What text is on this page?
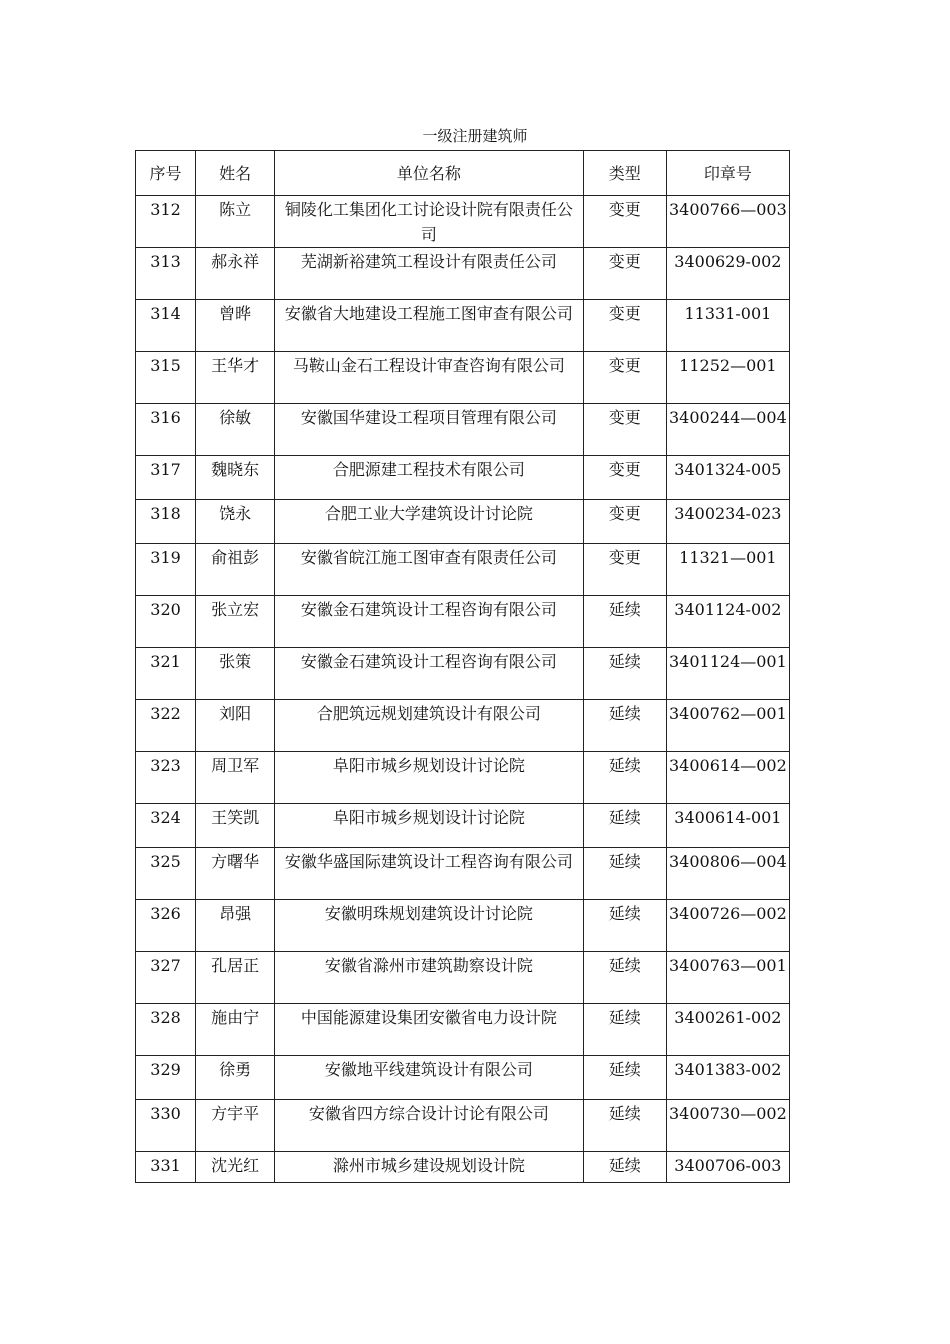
一级注册建筑师
序号	姓名	单位名称	类型	印章号
312	陈立	铜陵化工集团化工讨论设计院有限责任公司	变更	3400766—003
313	郝永祥	芜湖新裕建筑工程设计有限责任公司	变更	3400629-002
314	曾晔	安徽省大地建设工程施工图审查有限公司	变更	11331-001
315	王华才	马鞍山金石工程设计审查咨询有限公司	变更	11252—001
316	徐敏	安徽国华建设工程项目管理有限公司	变更	3400244—004
317	魏晓东	合肥源建工程技术有限公司	变更	3401324-005
318	饶永	合肥工业大学建筑设计讨论院	变更	3400234-023
319	俞祖彭	安徽省皖江施工图审查有限责任公司	变更	11321—001
320	张立宏	安徽金石建筑设计工程咨询有限公司	延续	3401124-002
321	张策	安徽金石建筑设计工程咨询有限公司	延续	3401124—001
322	刘阳	合肥筑远规划建筑设计有限公司	延续	3400762—001
323	周卫军	阜阳市城乡规划设计讨论院	延续	3400614—002
324	王笑凯	阜阳市城乡规划设计讨论院	延续	3400614-001
325	方曙华	安徽华盛国际建筑设计工程咨询有限公司	延续	3400806—004
326	昂强	安徽明珠规划建筑设计讨论院	延续	3400726—002
327	孔居正	安徽省滁州市建筑勘察设计院	延续	3400763—001
328	施由宁	中国能源建设集团安徽省电力设计院	延续	3400261-002
329	徐勇	安徽地平线建筑设计有限公司	延续	3401383-002
330	方宇平	安徽省四方综合设计讨论有限公司	延续	3400730—002
331	沈光红	滁州市城乡建设规划设计院	延续	3400706-003
